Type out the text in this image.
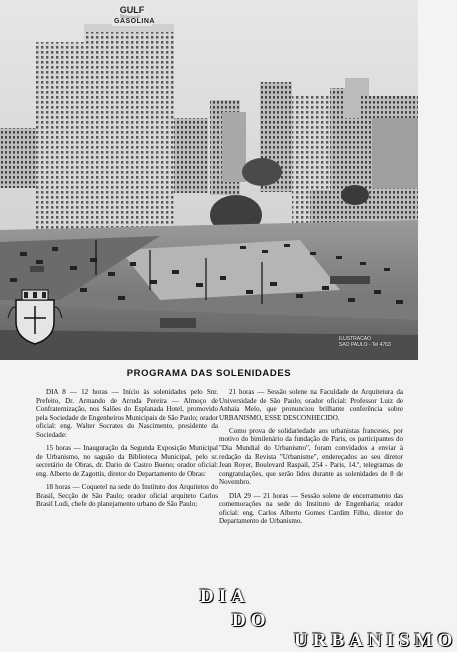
GULF
GASOLINA
DIA
DO
URBANISMO
ILUSTRACAO
SAO PAULO - Tel 4763
PROGRAMA DAS SOLENIDADES

DIA 8 — 12 horas — Início às solenidades pelo Snr. Prefeito, Dr. Armando de Arruda Pereira — Almoço de Confraternização, nos Salões do Esplanada Hotel, promovido pela Sociedade de Engenheiros Municipais de São Paulo; orador oficial: eng. Walter Socrates do Nascimento, presidente da Sociedade:

15 horas — Inauguração da Segunda Exposição Municipal de Urbanismo, no saguão da Biblioteca Municipal, pelo sr. secretário de Obras, dr. Dario de Castro Bueno; orador oficial: eng. Alberto de Zagottis, diretor do Departamento de Obras:

18 horas — Coquetel na sede do Instituto dos Arquitetos do Brasil, Secção de São Paulo; orador oficial arquiteto Carlos Brasil Lodi, chefe do planejamento urbano de São Paulo;

21 horas — Sessão solene na Faculdade de Arquitetura da Universidade de São Paulo; orador oficial: Professor Luiz de Anhaia Melo, que pronunciou brilhante conferência sobre URBANISMO, ESSE DESCONHECIDO.

Como prova de solidariedade aos urbanistas franceses, por motivo do bimilenário da fundação de Paris, os participantes do "Dia Mundial do Urbanismo", foram convidados a enviar à redação da Revista "Urbanisme", endereçados ao seu diretor Jean Royer, Boulevard Raspail, 254 - Paris, 14.º, telegramas de congratulações, que serão lidos durante as solenidades de 8 de Novembro.

DIA 29 — 21 horas — Sessão solene de encerramento das comemorações na sede do Instituto de Engenharia; orador oficial: eng. Carlos Alberto Gomes Cardim Filho, diretor do Departamento de Urbanismo.
